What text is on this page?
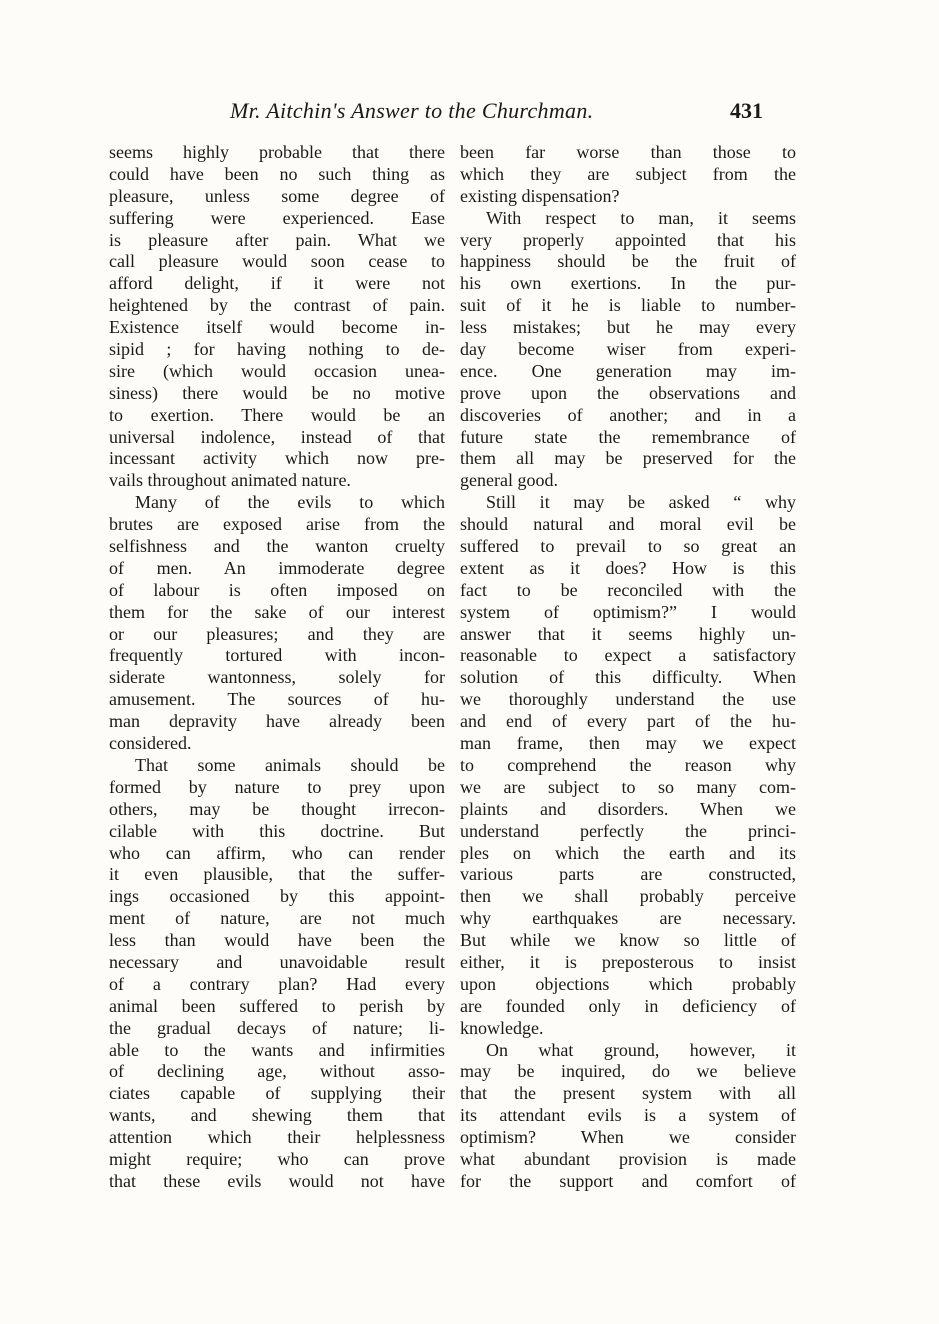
Mr. Aitchin's Answer to the Churchman.	431
seems highly probable that there
could have been no such thing as
pleasure, unless some degree of
suffering were experienced. Ease
is pleasure after pain. What we
call pleasure would soon cease to
afford delight, if it were not
heightened by the contrast of pain.
Existence itself would become in-
sipid ; for having nothing to de-
sire (which would occasion unea-
siness) there would be no motive
to exertion. There would be an
universal indolence, instead of that
incessant activity which now pre-
vails throughout animated nature.
Many of the evils to which
brutes are exposed arise from the
selfishness and the wanton cruelty
of men. An immoderate degree
of labour is often imposed on
them for the sake of our interest
or our pleasures; and they are
frequently tortured with incon-
siderate wantonness, solely for
amusement. The sources of hu-
man depravity have already been
considered.
That some animals should be
formed by nature to prey upon
others, may be thought irrecon-
cilable with this doctrine. But
who can affirm, who can render
it even plausible, that the suffer-
ings occasioned by this appoint-
ment of nature, are not much
less than would have been the
necessary and unavoidable result
of a contrary plan? Had every
animal been suffered to perish by
the gradual decays of nature; li-
able to the wants and infirmities
of declining age, without asso-
ciates capable of supplying their
wants, and shewing them that
attention which their helplessness
might require; who can prove
that these evils would not have
been far worse than those to
which they are subject from the
existing dispensation?
With respect to man, it seems
very properly appointed that his
happiness should be the fruit of
his own exertions. In the pur-
suit of it he is liable to number-
less mistakes; but he may every
day become wiser from experi-
ence. One generation may im-
prove upon the observations and
discoveries of another; and in a
future state the remembrance of
them all may be preserved for the
general good.
Still it may be asked “ why
should natural and moral evil be
suffered to prevail to so great an
extent as it does? How is this
fact to be reconciled with the
system of optimism?” I would
answer that it seems highly un-
reasonable to expect a satisfactory
solution of this difficulty. When
we thoroughly understand the use
and end of every part of the hu-
man frame, then may we expect
to comprehend the reason why
we are subject to so many com-
plaints and disorders. When we
understand perfectly the princi-
ples on which the earth and its
various parts are constructed,
then we shall probably perceive
why earthquakes are necessary.
But while we know so little of
either, it is preposterous to insist
upon objections which probably
are founded only in deficiency of
knowledge.
On what ground, however, it
may be inquired, do we believe
that the present system with all
its attendant evils is a system of
optimism? When we consider
what abundant provision is made
for the support and comfort of
